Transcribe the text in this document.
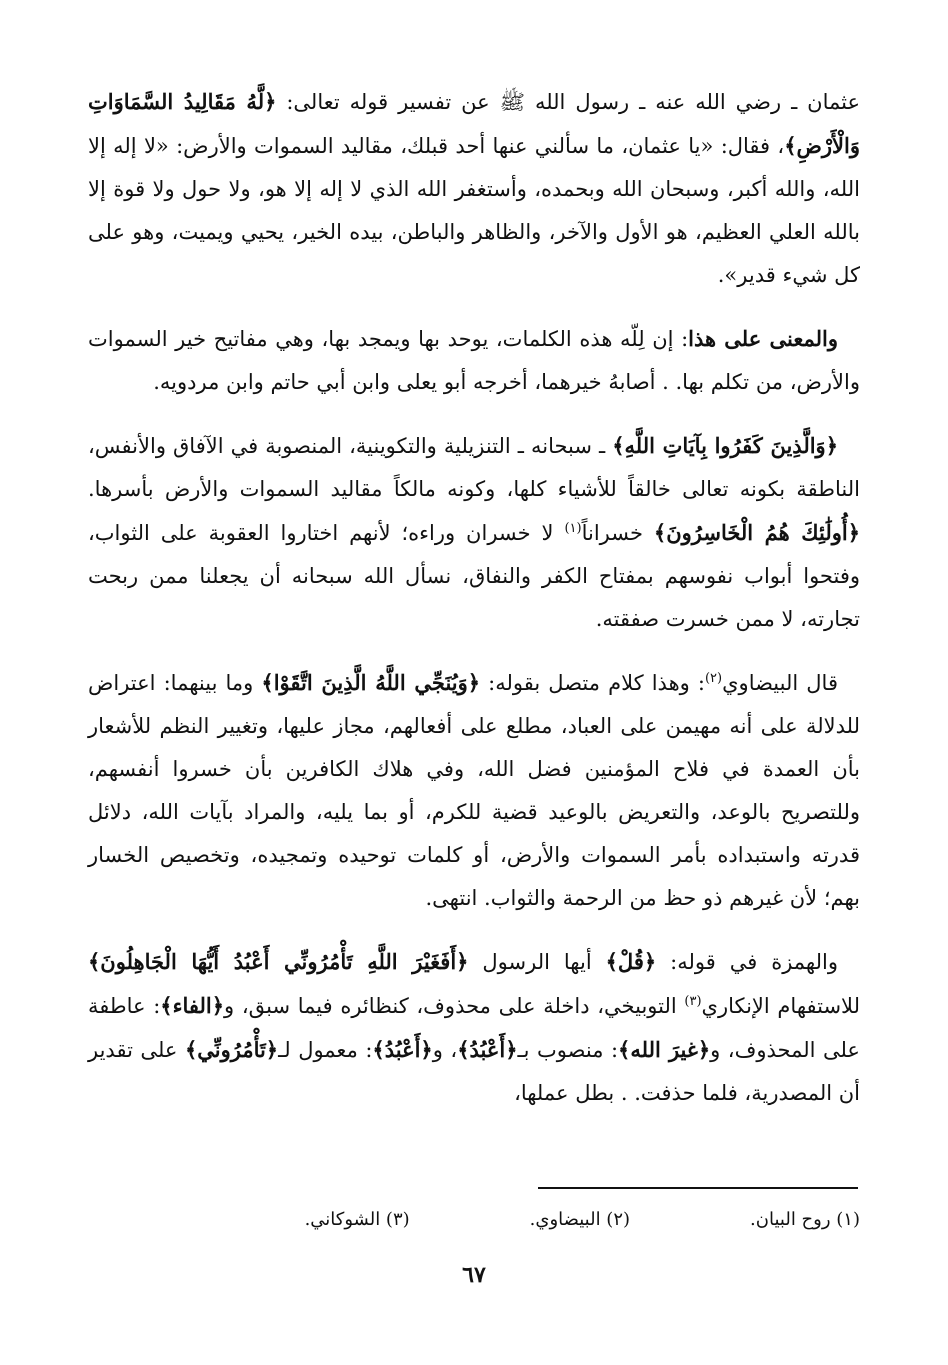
عثمان ـ رضي الله عنه ـ رسول الله ﷺ عن تفسير قوله تعالى: ﴿لَّهُ مَقَالِيدُ السَّمَاوَاتِ وَالْأَرْضِ﴾، فقال: «يا عثمان، ما سألني عنها أحد قبلك، مقاليد السموات والأرض: «لا إله إلا الله، والله أكبر، وسبحان الله وبحمده، وأستغفر الله الذي لا إله إلا هو، ولا حول ولا قوة إلا بالله العلي العظيم، هو الأول والآخر، والظاهر والباطن، بيده الخير، يحيي ويميت، وهو على كل شيء قدير».

والمعنى على هذا: إن لِلّه هذه الكلمات، يوحد بها ويمجد بها، وهي مفاتيح خير السموات والأرض، من تكلم بها. . أصابهُ خيرهما، أخرجه أبو يعلى وابن أبي حاتم وابن مردويه.

﴿وَالَّذِينَ كَفَرُوا بِآيَاتِ اللَّهِ﴾ ـ سبحانه ـ التنزيلية والتكوينية، المنصوبة في الآفاق والأنفس، الناطقة بكونه تعالى خالقاً للأشياء كلها، وكونه مالكاً مقاليد السموات والأرض بأسرها. ﴿أُولَٰئِكَ هُمُ الْخَاسِرُونَ﴾ خسراناً$^{(١)}$ لا خسران وراءه؛ لأنهم اختاروا العقوبة على الثواب، وفتحوا أبواب نفوسهم بمفتاح الكفر والنفاق، نسأل الله سبحانه أن يجعلنا ممن ربحت تجارته، لا ممن خسرت صفقته.

قال البيضاوي$^{(٢)}$: وهذا كلام متصل بقوله: ﴿وَيُنَجِّي اللَّهُ الَّذِينَ اتَّقَوْا﴾ وما بينهما: اعتراض للدلالة على أنه مهيمن على العباد، مطلع على أفعالهم، مجاز عليها، وتغيير النظم للأشعار بأن العمدة في فلاح المؤمنين فضل الله، وفي هلاك الكافرين بأن خسروا أنفسهم، وللتصريح بالوعد، والتعريض بالوعيد قضية للكرم، أو بما يليه، والمراد بآيات الله، دلائل قدرته واستبداده بأمر السموات والأرض، أو كلمات توحيده وتمجيده، وتخصيص الخسار بهم؛ لأن غيرهم ذو حظ من الرحمة والثواب. انتهى.

والهمزة في قوله: ﴿قُلْ﴾ أيها الرسول ﴿أَفَغَيْرَ اللَّهِ تَأْمُرُونِّي أَعْبُدُ أَيُّهَا الْجَاهِلُونَ﴾ للاستفهام الإنكاري$^{(٣)}$ التوبيخي، داخلة على محذوف، كنظائره فيما سبق، و﴿الفاء﴾: عاطفة على المحذوف، و﴿غيرَ الله﴾: منصوب بـ﴿أَعْبُدُ﴾، و﴿أَعْبُدُ﴾: معمول لـ﴿تَأْمُرُونِّي﴾ على تقدير أن المصدرية، فلما حذفت. . بطل عملها،

(١) روح البيان.
(٢) البيضاوي.
(٣) الشوكاني.
٦٧
